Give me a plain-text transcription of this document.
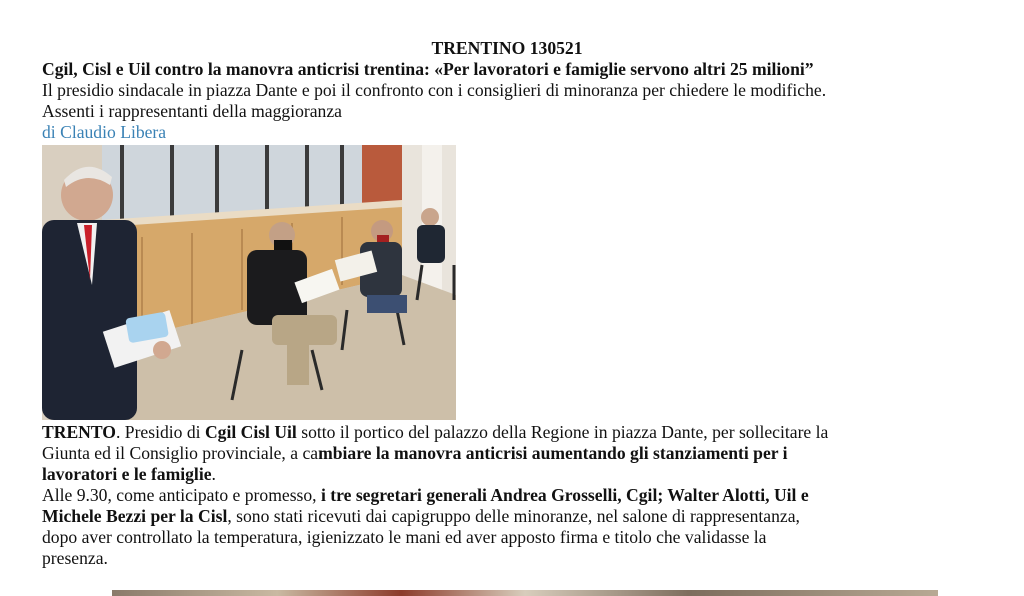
TRENTINO 130521
Cgil, Cisl e Uil contro la manovra anticrisi trentina: «Per lavoratori e famiglie servono altri 25 milioni”
Il presidio sindacale in piazza Dante e poi il confronto con i consiglieri di minoranza per chiedere le modifiche.
Assenti i rappresentanti della maggioranza
di Claudio Libera
TRENTO. Presidio di Cgil Cisl Uil sotto il portico del palazzo della Regione in piazza Dante, per sollecitare la
Giunta ed il Consiglio provinciale, a cambiare la manovra anticrisi aumentando gli stanziamenti per i
lavoratori e le famiglie.
Alle 9.30, come anticipato e promesso, i tre segretari generali Andrea Grosselli, Cgil; Walter Alotti, Uil e
Michele Bezzi per la Cisl, sono stati ricevuti dai capigruppo delle minoranze, nel salone di rappresentanza,
dopo aver controllato la temperatura, igienizzato le mani ed aver apposto firma e titolo che validasse la
presenza.
